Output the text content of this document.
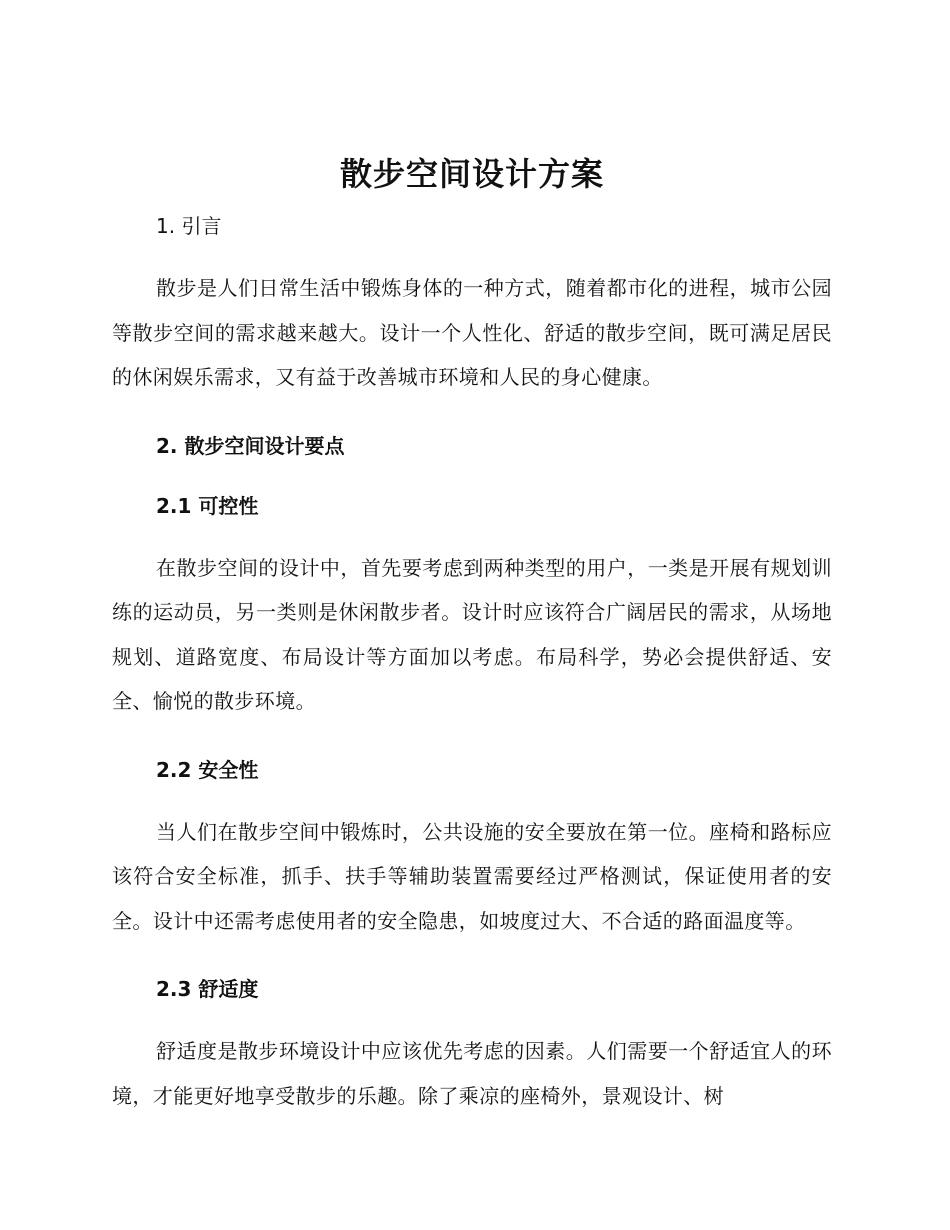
散步空间设计方案
1. 引言

散步是人们日常生活中锻炼身体的一种方式，随着都市化的进程，城市公园等散步空间的需求越来越大。设计一个人性化、舒适的散步空间，既可满足居民的休闲娱乐需求，又有益于改善城市环境和人民的身心健康。

2. 散步空间设计要点
2.1 可控性

在散步空间的设计中，首先要考虑到两种类型的用户，一类是开展有规划训练的运动员，另一类则是休闲散步者。设计时应该符合广阔居民的需求，从场地规划、道路宽度、布局设计等方面加以考虑。布局科学，势必会提供舒适、安全、愉悦的散步环境。

2.2 安全性

当人们在散步空间中锻炼时，公共设施的安全要放在第一位。座椅和路标应该符合安全标准，抓手、扶手等辅助装置需要经过严格测试，保证使用者的安全。设计中还需考虑使用者的安全隐患，如坡度过大、不合适的路面温度等。

2.3 舒适度

舒适度是散步环境设计中应该优先考虑的因素。人们需要一个舒适宜人的环境，才能更好地享受散步的乐趣。除了乘凉的座椅外，景观设计、树
